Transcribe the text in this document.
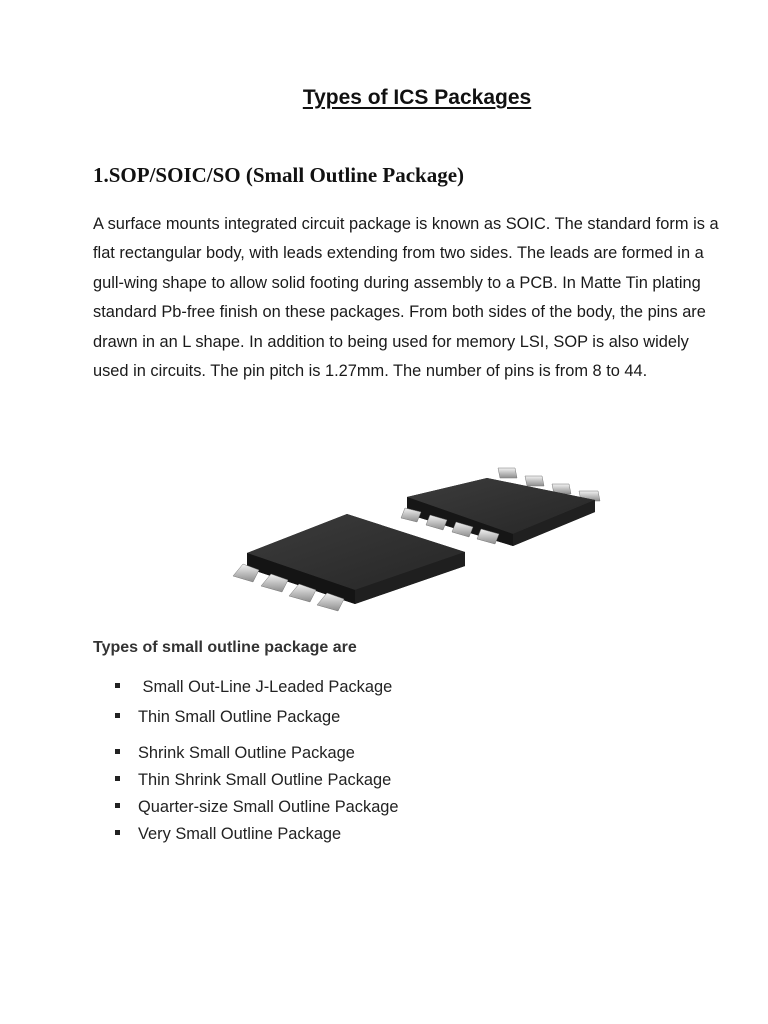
Types of ICS Packages
1.SOP/SOIC/SO (Small Outline Package)

A surface mounts integrated circuit package is known as SOIC. The standard form is a flat rectangular body, with leads extending from two sides. The leads are formed in a gull-wing shape to allow solid footing during assembly to a PCB. In Matte Tin plating standard Pb-free finish on these packages. From both sides of the body, the pins are drawn in an L shape. In addition to being used for memory LSI, SOP is also widely used in circuits. The pin pitch is 1.27mm. The number of pins is from 8 to 44.

Types of small outline package are
Small Out-Line J-Leaded Package
Thin Small Outline Package
Shrink Small Outline Package
Thin Shrink Small Outline Package
Quarter-size Small Outline Package
Very Small Outline Package
